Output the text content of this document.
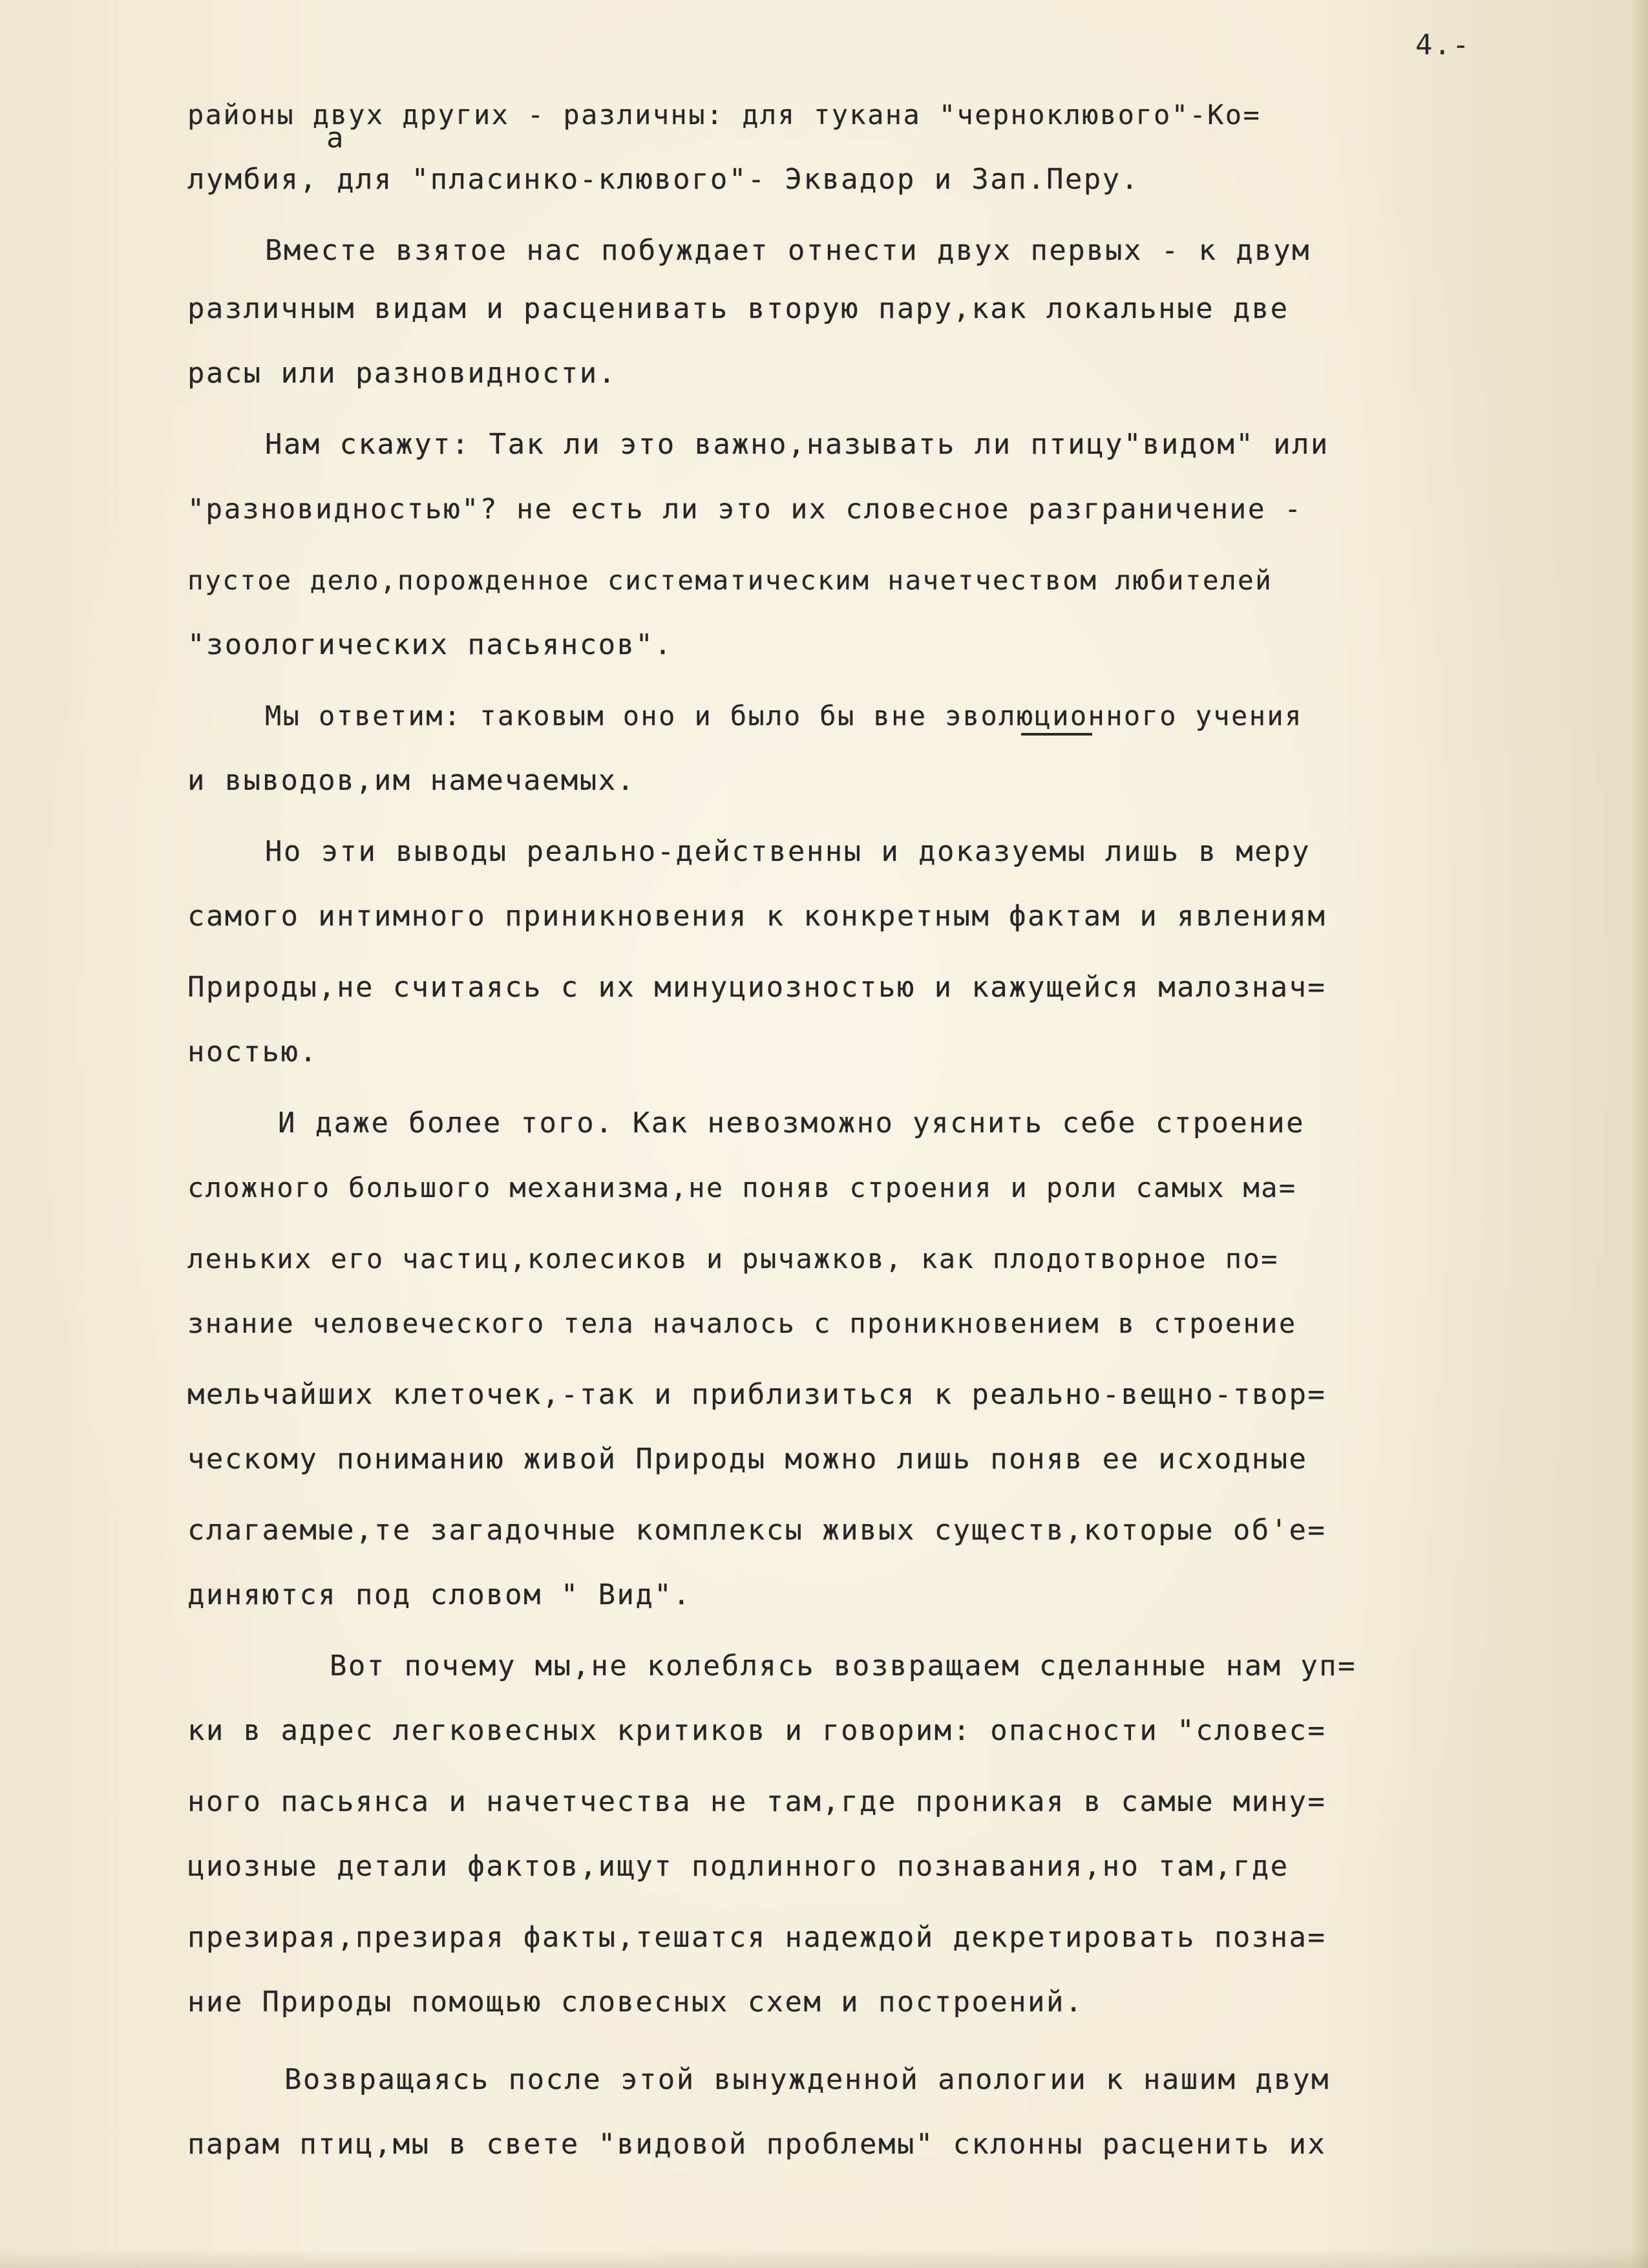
4.-
а
районы двух других - различны: для тукана "черноклювого"-Ко=
лумбия, для "пласинко-клювого"- Эквадор и Зап.Перу.
Вместе взятое нас побуждает отнести двух первых - к двум
различным видам и расценивать вторую пару,как локальные две
расы или разновидности.
Нам скажут: Так ли это важно,называть ли птицу"видом" или
"разновидностью"? не есть ли это их словесное разграничение -
пустое дело,порожденное систематическим начетчеством любителей
"зоологических пасьянсов".
Мы ответим: таковым оно и было бы вне эволюционного учения
и выводов,им намечаемых.
Но эти выводы реально-действенны и доказуемы лишь в меру
самого интимного приникновения к конкретным фактам и явлениям
Природы,не считаясь с их минуциозностью и кажущейся малознач=
ностью.
И даже более того. Как невозможно уяснить себе строение
сложного большого механизма,не поняв строения и роли самых ма=
леньких его частиц,колесиков и рычажков, как плодотворное по=
знание человеческого тела началось с проникновением в строение
мельчайших клеточек,-так и приблизиться к реально-вещно-твор=
ческому пониманию живой Природы можно лишь поняв ее исходные
слагаемые,те загадочные комплексы живых существ,которые об'е=
диняются под словом " Вид".
Вот почему мы,не колеблясь возвращаем сделанные нам уп=
ки в адрес легковесных критиков и говорим: опасности "словес=
ного пасьянса и начетчества не там,где проникая в самые мину=
циозные детали фактов,ищут подлинного познавания,но там,где
презирая,презирая факты,тешатся надеждой декретировать позна=
ние Природы помощью словесных схем и построений.
Возвращаясь после этой вынужденной апологии к нашим двум
парам птиц,мы в свете "видовой проблемы" склонны расценить их
